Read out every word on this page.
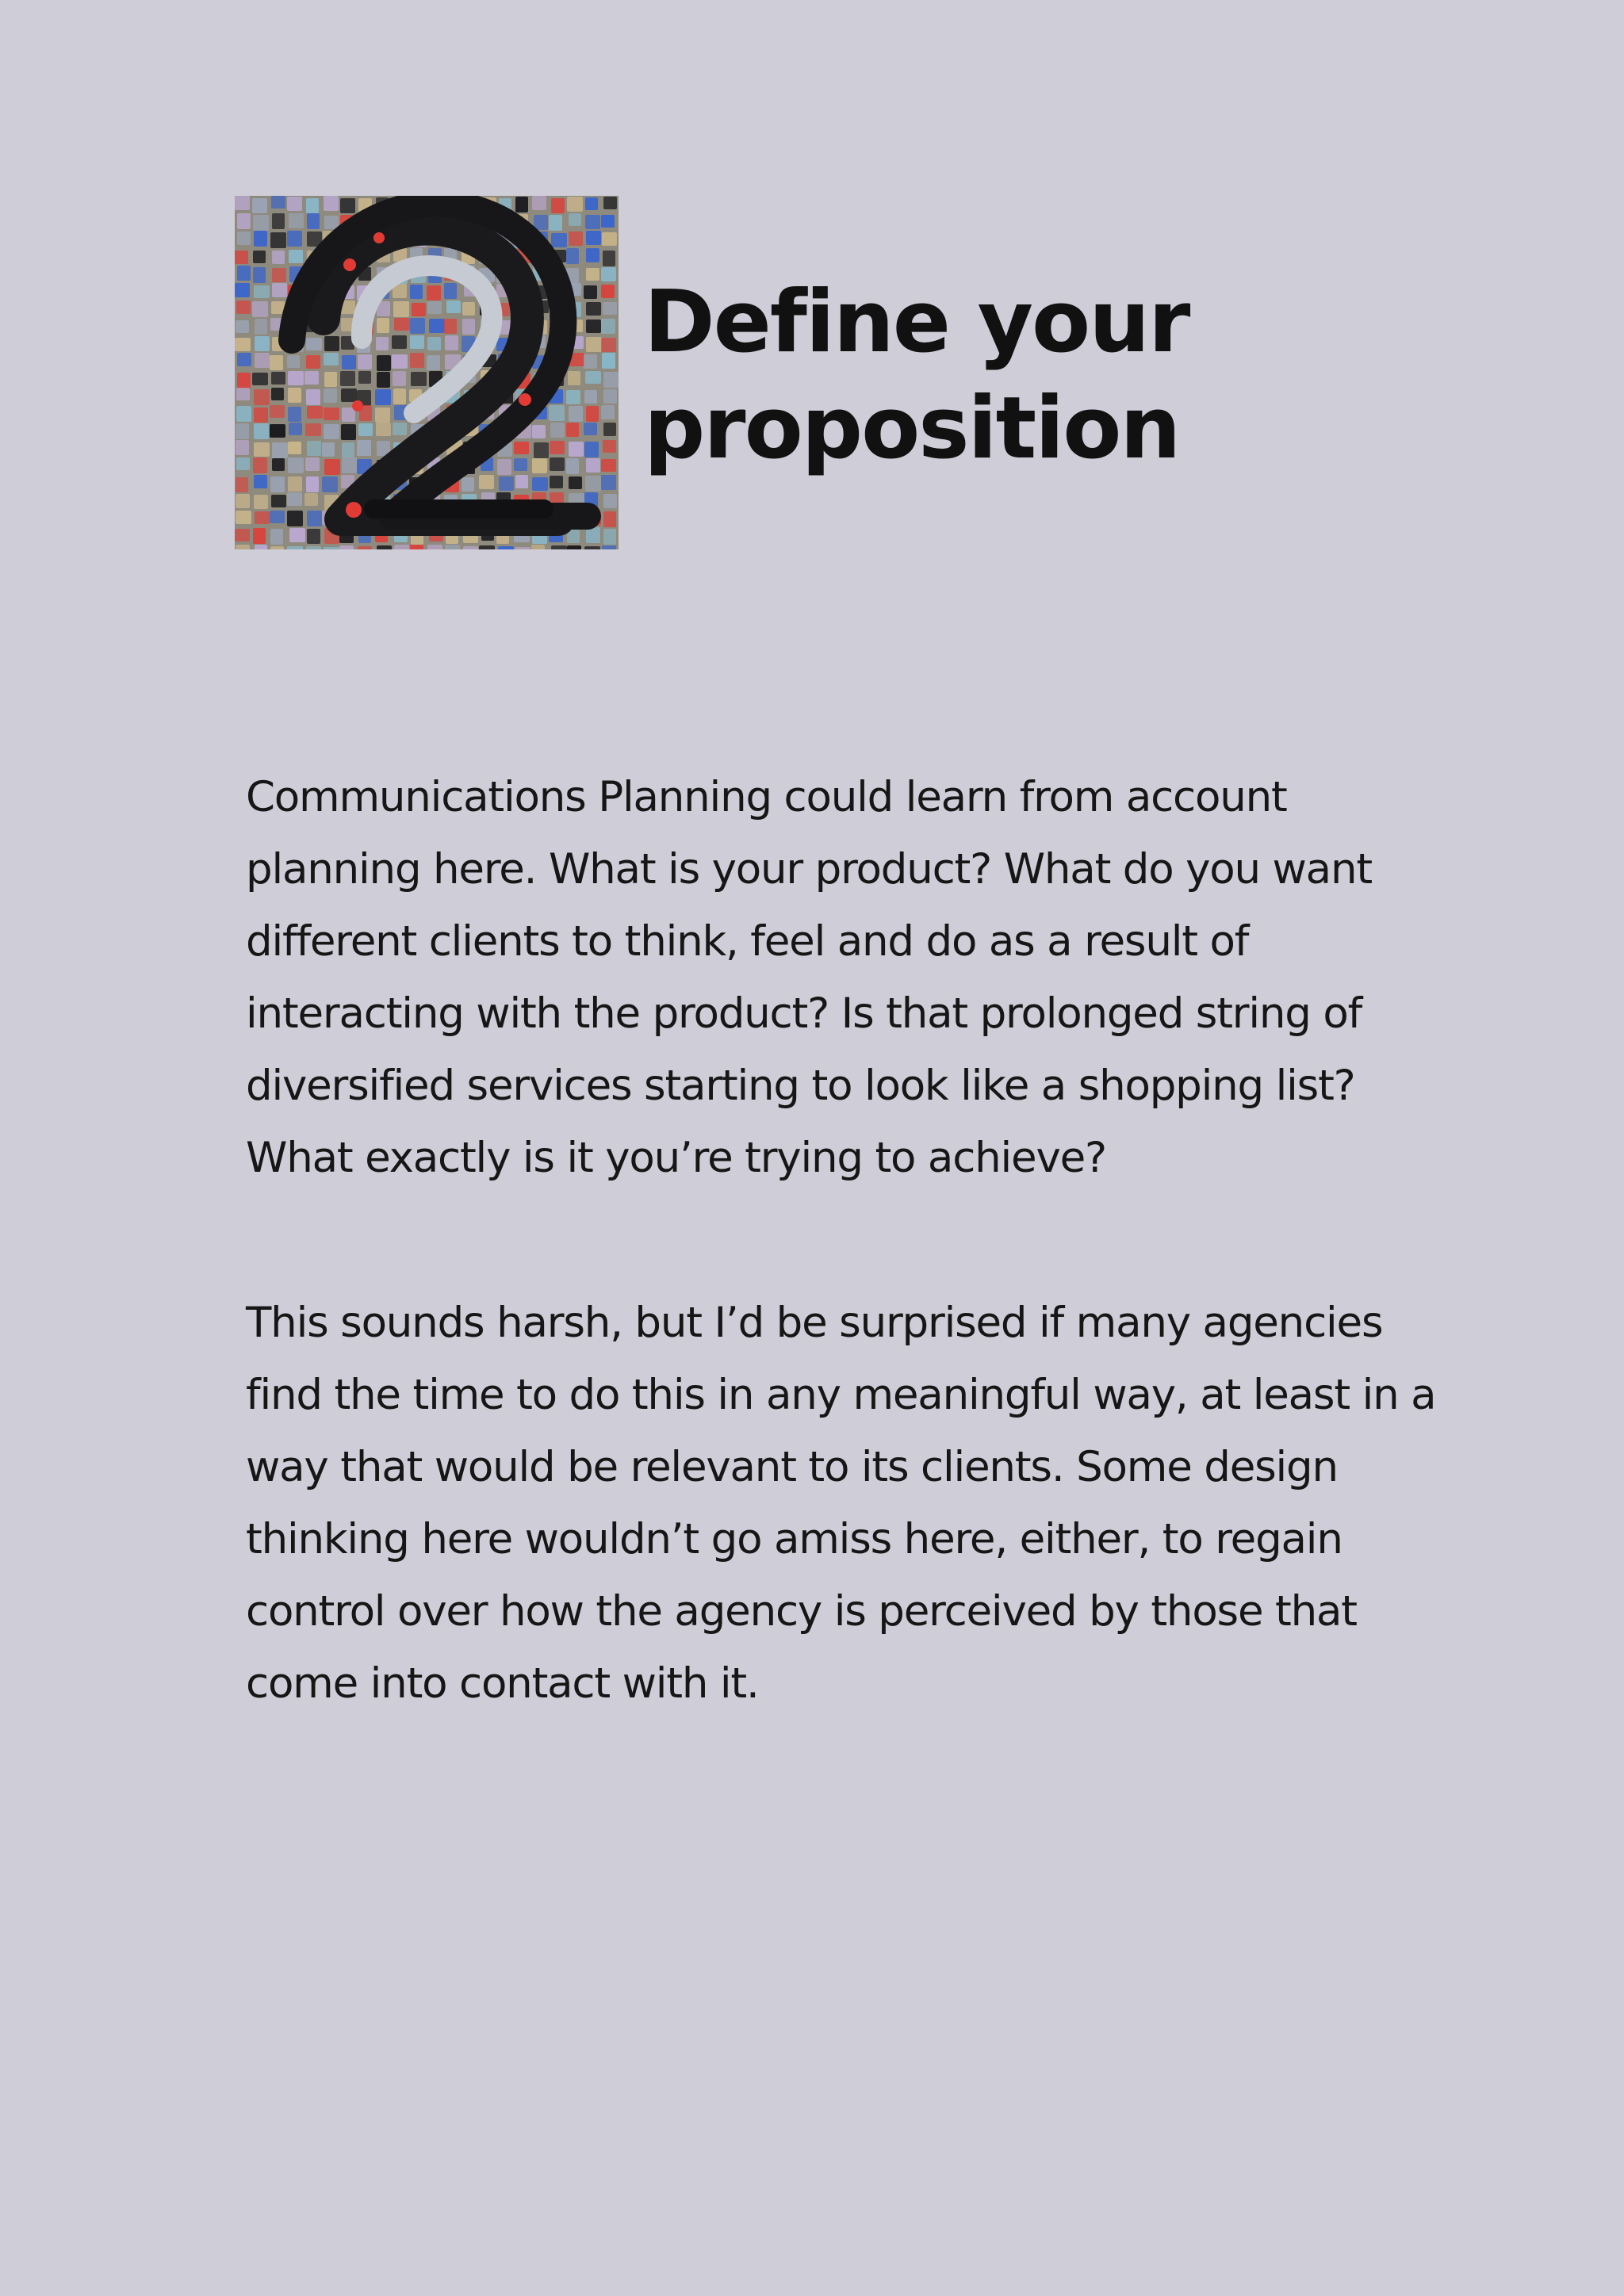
Define your proposition

Communications Planning could learn from account planning here. What is your product? What do you want different clients to think, feel and do as a result of interacting with the product? Is that prolonged string of diversified services starting to look like a shopping list? What exactly is it you’re trying to achieve?

This sounds harsh, but I’d be surprised if many agencies find the time to do this in any meaningful way, at least in a way that would be relevant to its clients. Some design thinking here wouldn’t go amiss here, either, to regain control over how the agency is perceived by those that come into contact with it.
